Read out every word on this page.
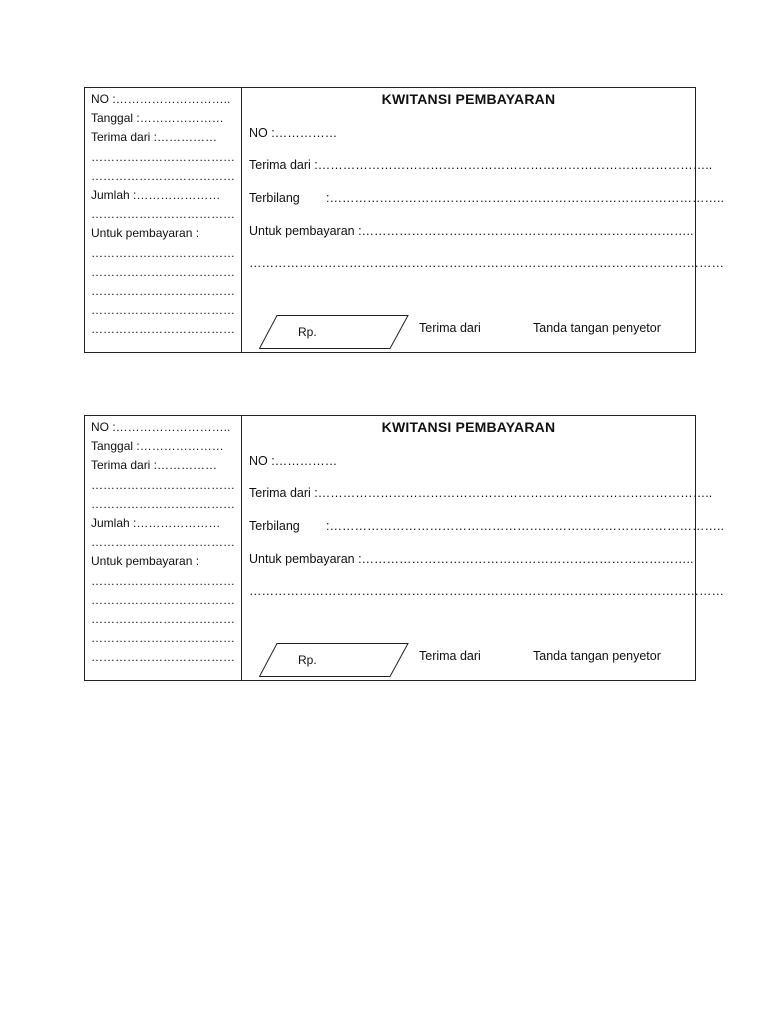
NO :………………………..
Tanggal :…………………
Terima dari :……………
………………………………
………………………………
Jumlah :…………………
………………………………
Untuk pembayaran :
………………………………
………………………………
………………………………
………………………………
………………………………
KWITANSI PEMBAYARAN
NO :……………
Terima dari :…………………………………………………………………………………..
Terbilang :…………………………………………………………………………………..
Untuk pembayaran :……………………………………………………………………..
……………………………………………………………………………………………………
Rp.	Terima dari	Tanda tangan penyetor
NO :………………………..
Tanggal :…………………
Terima dari :……………
………………………………
………………………………
Jumlah :…………………
………………………………
Untuk pembayaran :
………………………………
………………………………
………………………………
………………………………
………………………………
KWITANSI PEMBAYARAN
NO :……………
Terima dari :…………………………………………………………………………………..
Terbilang :…………………………………………………………………………………..
Untuk pembayaran :……………………………………………………………………..
……………………………………………………………………………………………………
Rp.	Terima dari	Tanda tangan penyetor
